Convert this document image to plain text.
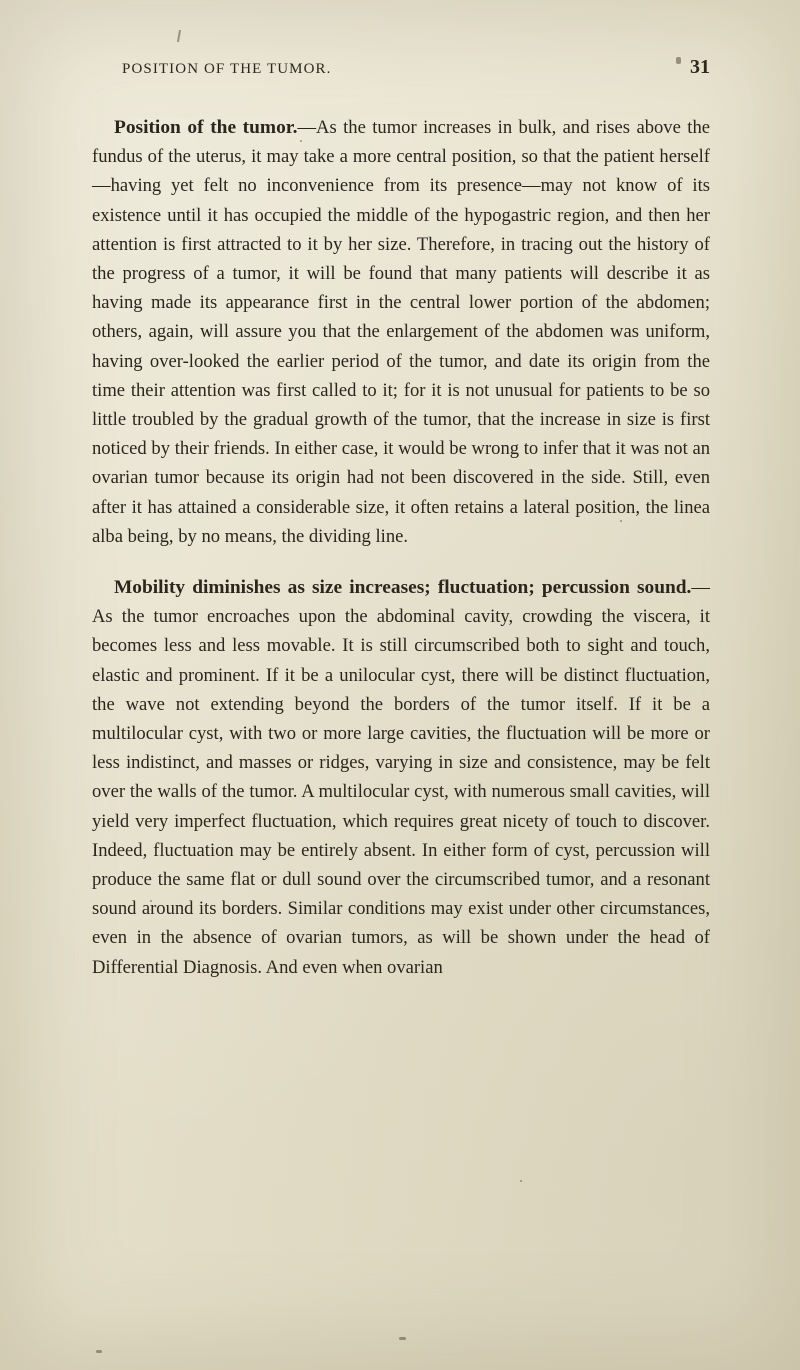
POSITION OF THE TUMOR.	31

Position of the tumor.—As the tumor increases in bulk, and rises above the fundus of the uterus, it may take a more central position, so that the patient herself—having yet felt no inconvenience from its presence—may not know of its existence until it has occupied the middle of the hypogastric region, and then her attention is first attracted to it by her size. Therefore, in tracing out the history of the progress of a tumor, it will be found that many patients will describe it as having made its appearance first in the central lower portion of the abdomen; others, again, will assure you that the enlargement of the abdomen was uniform, having over-looked the earlier period of the tumor, and date its origin from the time their attention was first called to it; for it is not unusual for patients to be so little troubled by the gradual growth of the tumor, that the increase in size is first noticed by their friends. In either case, it would be wrong to infer that it was not an ovarian tumor because its origin had not been discovered in the side. Still, even after it has attained a considerable size, it often retains a lateral position, the linea alba being, by no means, the dividing line.

Mobility diminishes as size increases; fluctuation; percussion sound.—As the tumor encroaches upon the abdominal cavity, crowding the viscera, it becomes less and less movable. It is still circumscribed both to sight and touch, elastic and prominent. If it be a unilocular cyst, there will be distinct fluctuation, the wave not extending beyond the borders of the tumor itself. If it be a multilocular cyst, with two or more large cavities, the fluctuation will be more or less indistinct, and masses or ridges, varying in size and consistence, may be felt over the walls of the tumor. A multilocular cyst, with numerous small cavities, will yield very imperfect fluctuation, which requires great nicety of touch to discover. Indeed, fluctuation may be entirely absent. In either form of cyst, percussion will produce the same flat or dull sound over the circumscribed tumor, and a resonant sound around its borders. Similar conditions may exist under other circumstances, even in the absence of ovarian tumors, as will be shown under the head of Differential Diagnosis. And even when ovarian
